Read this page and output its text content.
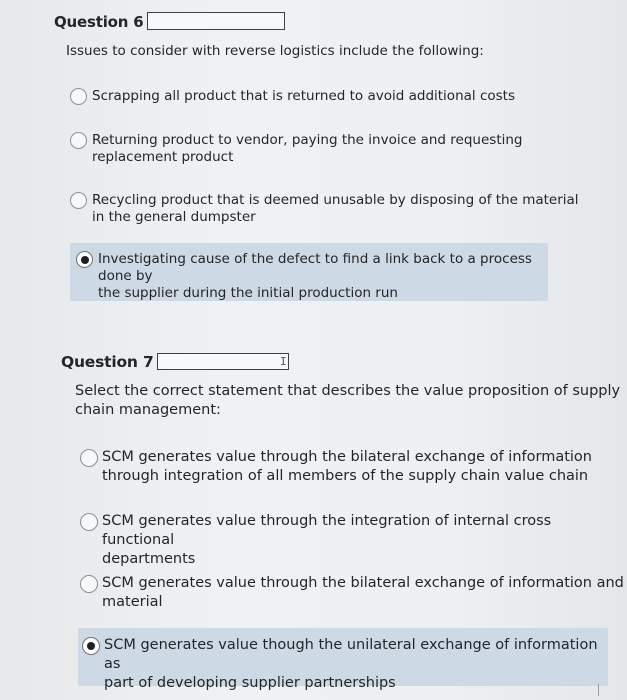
Question 6
Issues to consider with reverse logistics include the following:
Scrapping all product that is returned to avoid additional costs
Returning product to vendor, paying the invoice and requesting
replacement product
Recycling product that is deemed unusable by disposing of the material
in the general dumpster
Investigating cause of the defect to find a link back to a process done by
the supplier during the initial production run
Question 7	I
Select the correct statement that describes the value proposition of supply
chain management:
SCM generates value through the bilateral exchange of information
through integration of all members of the supply chain value chain
SCM generates value through the integration of internal cross functional
departments
SCM generates value through the bilateral exchange of information and
material
SCM generates value though the unilateral exchange of information as
part of developing supplier partnerships
